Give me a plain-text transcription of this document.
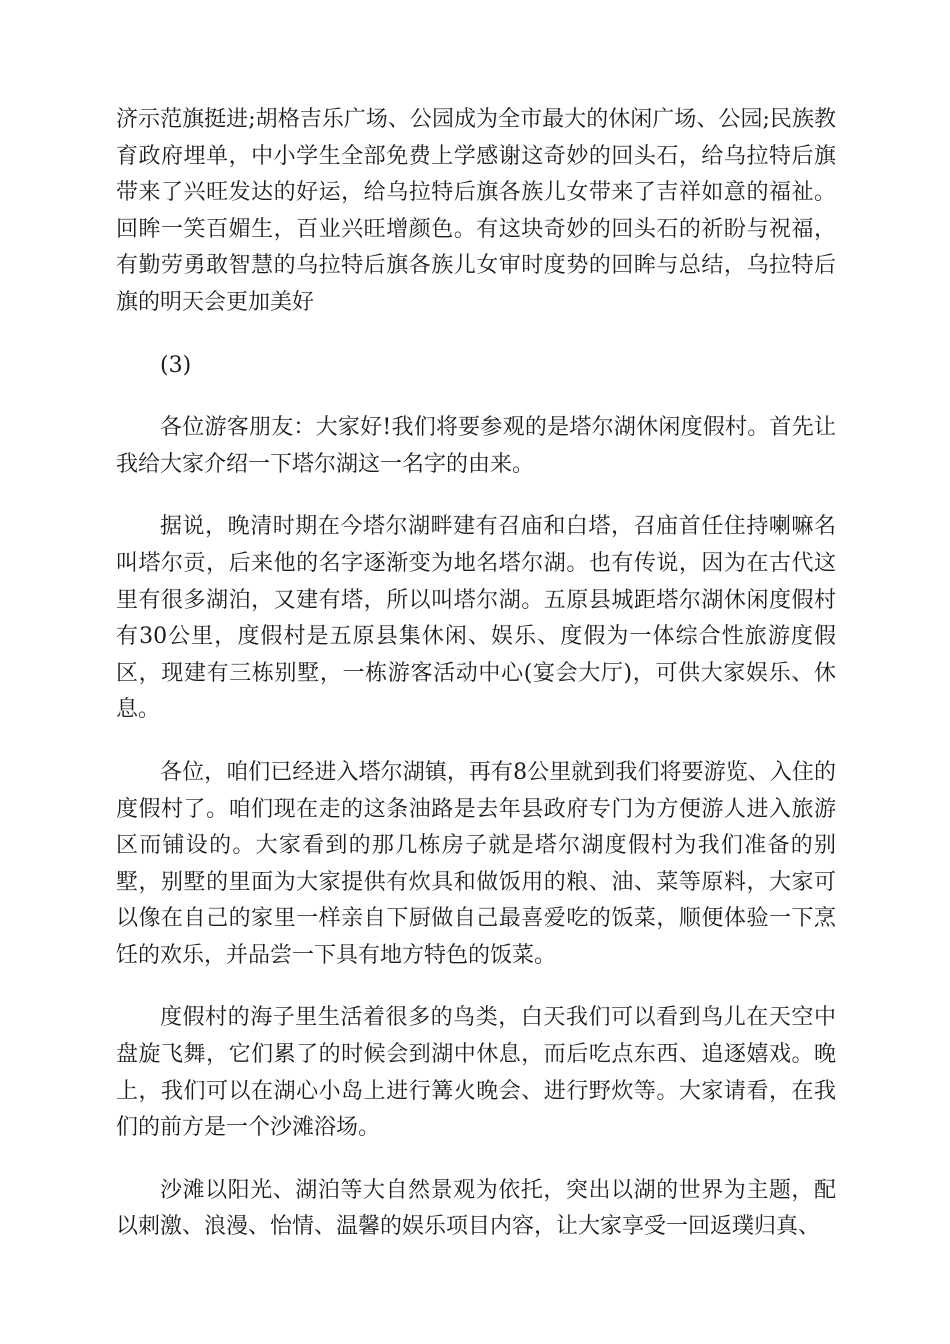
济示范旗挺进;胡格吉乐广场、公园成为全市最大的休闲广场、公园;民族教育政府埋单，中小学生全部免费上学感谢这奇妙的回头石，给乌拉特后旗带来了兴旺发达的好运，给乌拉特后旗各族儿女带来了吉祥如意的福祉。回眸一笑百媚生，百业兴旺增颜色。有这块奇妙的回头石的祈盼与祝福，有勤劳勇敢智慧的乌拉特后旗各族儿女审时度势的回眸与总结，乌拉特后旗的明天会更加美好

(3)

各位游客朋友：大家好!我们将要参观的是塔尔湖休闲度假村。首先让我给大家介绍一下塔尔湖这一名字的由来。

据说，晚清时期在今塔尔湖畔建有召庙和白塔，召庙首任住持喇嘛名叫塔尔贡，后来他的名字逐渐变为地名塔尔湖。也有传说，因为在古代这里有很多湖泊，又建有塔，所以叫塔尔湖。五原县城距塔尔湖休闲度假村有30公里，度假村是五原县集休闲、娱乐、度假为一体综合性旅游度假区，现建有三栋别墅，一栋游客活动中心(宴会大厅)，可供大家娱乐、休息。

各位，咱们已经进入塔尔湖镇，再有8公里就到我们将要游览、入住的度假村了。咱们现在走的这条油路是去年县政府专门为方便游人进入旅游区而铺设的。大家看到的那几栋房子就是塔尔湖度假村为我们准备的别墅，别墅的里面为大家提供有炊具和做饭用的粮、油、菜等原料，大家可以像在自己的家里一样亲自下厨做自己最喜爱吃的饭菜，顺便体验一下烹饪的欢乐，并品尝一下具有地方特色的饭菜。

度假村的海子里生活着很多的鸟类，白天我们可以看到鸟儿在天空中盘旋飞舞，它们累了的时候会到湖中休息，而后吃点东西、追逐嬉戏。晚上，我们可以在湖心小岛上进行篝火晚会、进行野炊等。大家请看，在我们的前方是一个沙滩浴场。

沙滩以阳光、湖泊等大自然景观为依托，突出以湖的世界为主题，配以刺激、浪漫、怡情、温馨的娱乐项目内容，让大家享受一回返璞归真、
